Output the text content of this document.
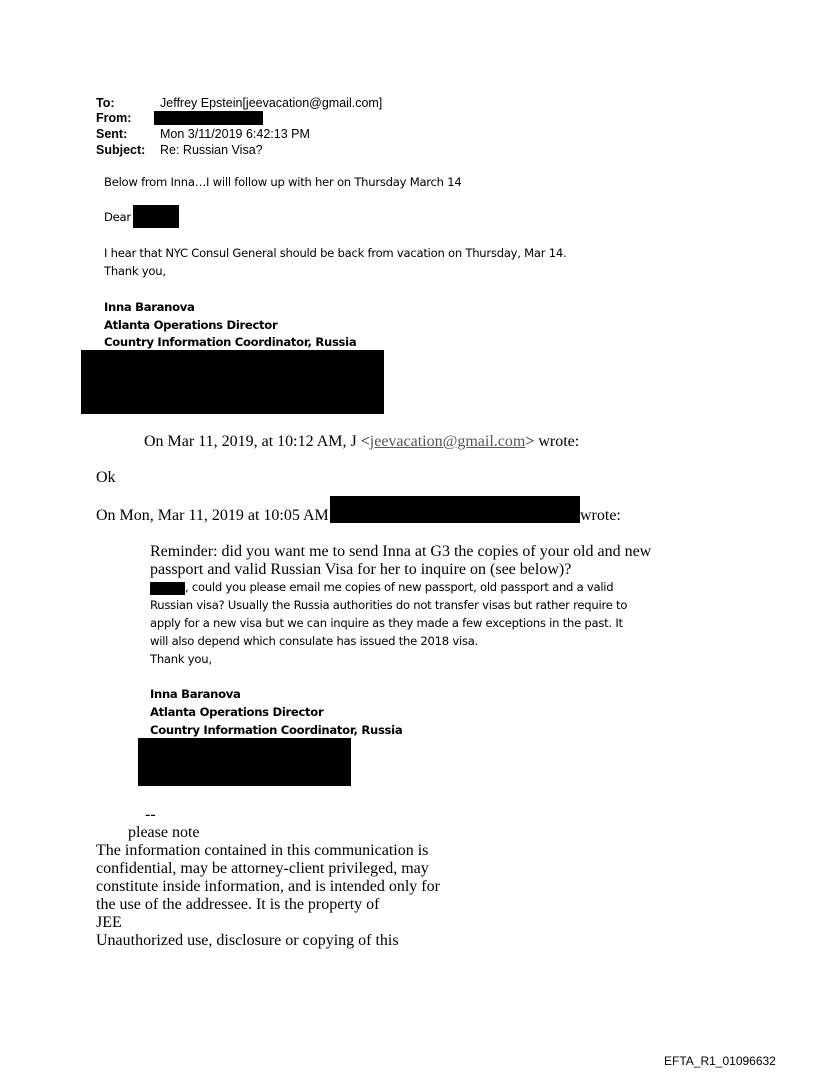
To:	Jeffrey Epstein[jeevacation@gmail.com]
From:
Sent:	Mon 3/11/2019 6:42:13 PM
Subject: Re: Russian Visa?
Below from Inna…I will follow up with her on Thursday March 14
Dear
I hear that NYC Consul General should be back from vacation on Thursday, Mar 14.
Thank you,
Inna Baranova
Atlanta Operations Director
Country Information Coordinator, Russia
On Mar 11, 2019, at 10:12 AM, J <jeevacation@gmail.com> wrote:
Ok
On Mon, Mar 11, 2019 at 10:05 AM	wrote:
Reminder: did you want me to send Inna at G3 the copies of your old and new
passport and valid Russian Visa for her to inquire on (see below)?
, could you please email me copies of new passport, old passport and a valid
Russian visa? Usually the Russia authorities do not transfer visas but rather require to
apply for a new visa but we can inquire as they made a few exceptions in the past. It
will also depend which consulate has issued the 2018 visa.
Thank you,
Inna Baranova
Atlanta Operations Director
Country Information Coordinator, Russia
--
please note
The information contained in this communication is
confidential, may be attorney-client privileged, may
constitute inside information, and is intended only for
the use of the addressee. It is the property of
JEE
Unauthorized use, disclosure or copying of this
EFTA_R1_01096632
